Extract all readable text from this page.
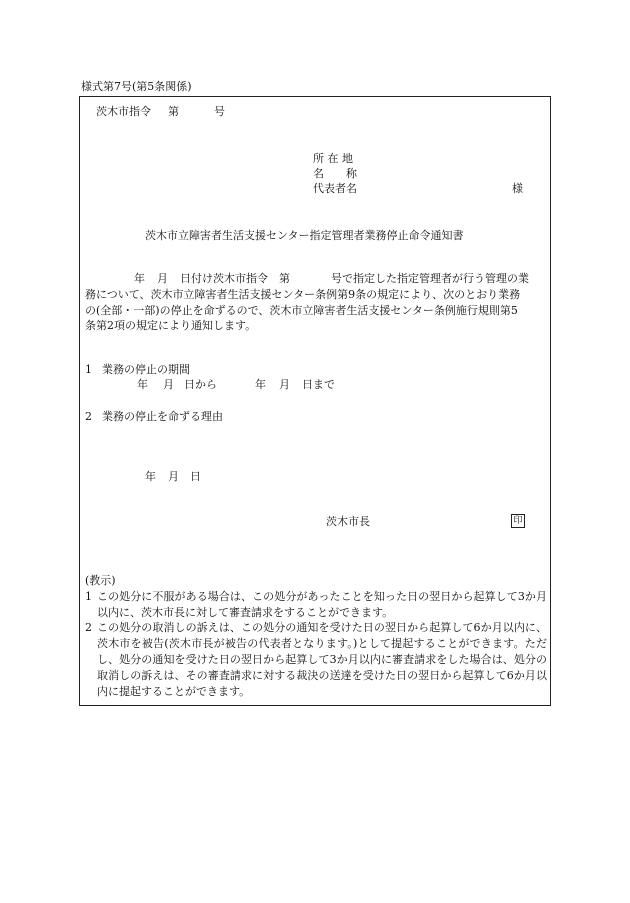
様式第7号(第5条関係)
茨木市指令 第	号
所 在 地
名　　称
代表者名	様
茨木市立障害者生活支援センター指定管理者業務停止命令通知書
年 月 日付け茨木市指令　第	号で指定した指定管理者が行う管理の業
務について、茨木市立障害者生活支援センター条例第9条の規定により、次のとおり業務
の(全部・一部)の停止を命ずるので、茨木市立障害者生活支援センター条例施行規則第5
条第2項の規定により通知します。
1 業務の停止の期間
年 月 日から	年 月 日まで
2 業務の停止を命ずる理由
年 月 日
茨木市長	印
(教示)
1 この処分に不服がある場合は、この処分があったことを知った日の翌日から起算して3か月以内に、茨木市長に対して審査請求をすることができます。
2 この処分の取消しの訴えは、この処分の通知を受けた日の翌日から起算して6か月以内に、茨木市を被告(茨木市長が被告の代表者となります。)として提起することができます。ただし、処分の通知を受けた日の翌日から起算して3か月以内に審査請求をした場合は、処分の取消しの訴えは、その審査請求に対する裁決の送達を受けた日の翌日から起算して6か月以内に提起することができます。
